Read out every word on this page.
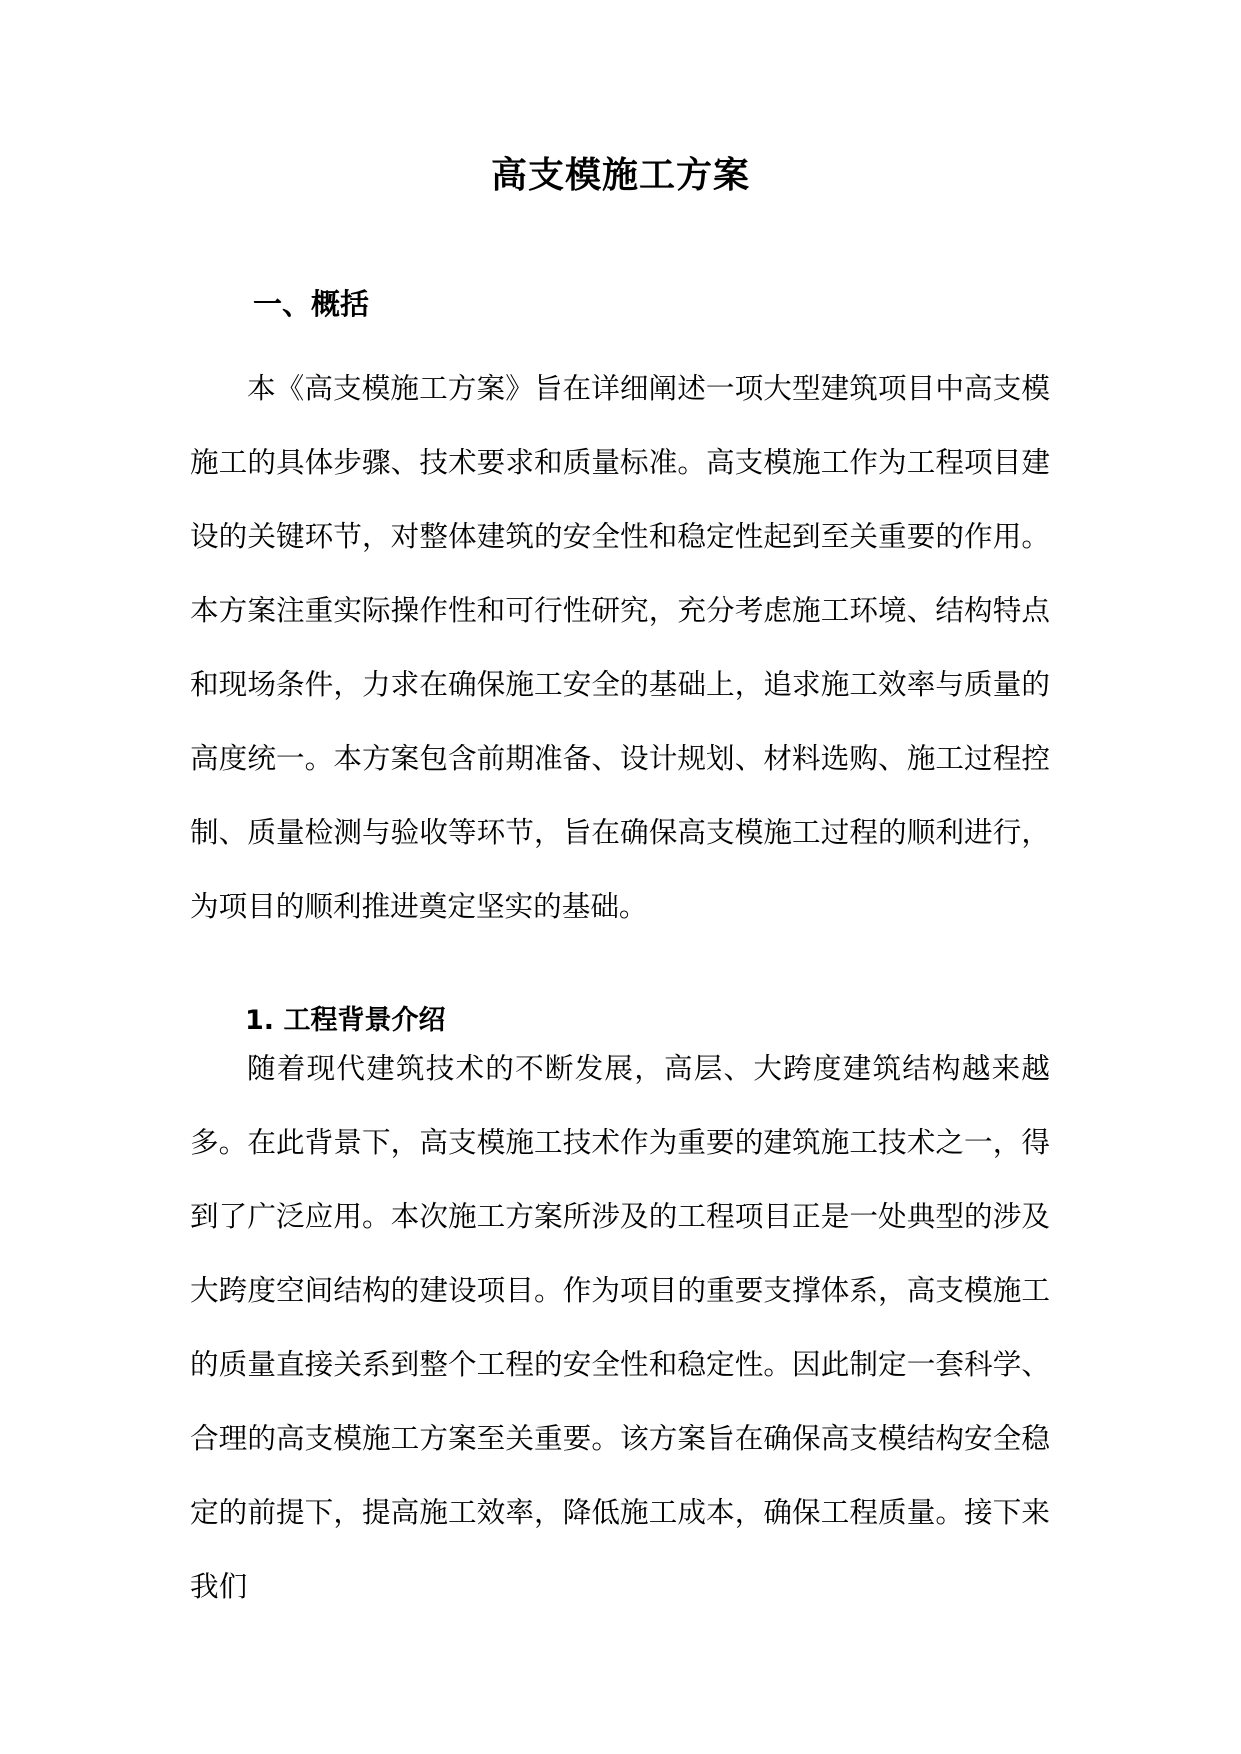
高支模施工方案
一、概括

本《高支模施工方案》旨在详细阐述一项大型建筑项目中高支模施工的具体步骤、技术要求和质量标准。高支模施工作为工程项目建设的关键环节，对整体建筑的安全性和稳定性起到至关重要的作用。本方案注重实际操作性和可行性研究，充分考虑施工环境、结构特点和现场条件，力求在确保施工安全的基础上，追求施工效率与质量的高度统一。本方案包含前期准备、设计规划、材料选购、施工过程控制、质量检测与验收等环节，旨在确保高支模施工过程的顺利进行，为项目的顺利推进奠定坚实的基础。

1. 工程背景介绍

随着现代建筑技术的不断发展，高层、大跨度建筑结构越来越多。在此背景下，高支模施工技术作为重要的建筑施工技术之一，得到了广泛应用。本次施工方案所涉及的工程项目正是一处典型的涉及大跨度空间结构的建设项目。作为项目的重要支撑体系，高支模施工的质量直接关系到整个工程的安全性和稳定性。因此制定一套科学、合理的高支模施工方案至关重要。该方案旨在确保高支模结构安全稳定的前提下，提高施工效率，降低施工成本，确保工程质量。接下来我们
